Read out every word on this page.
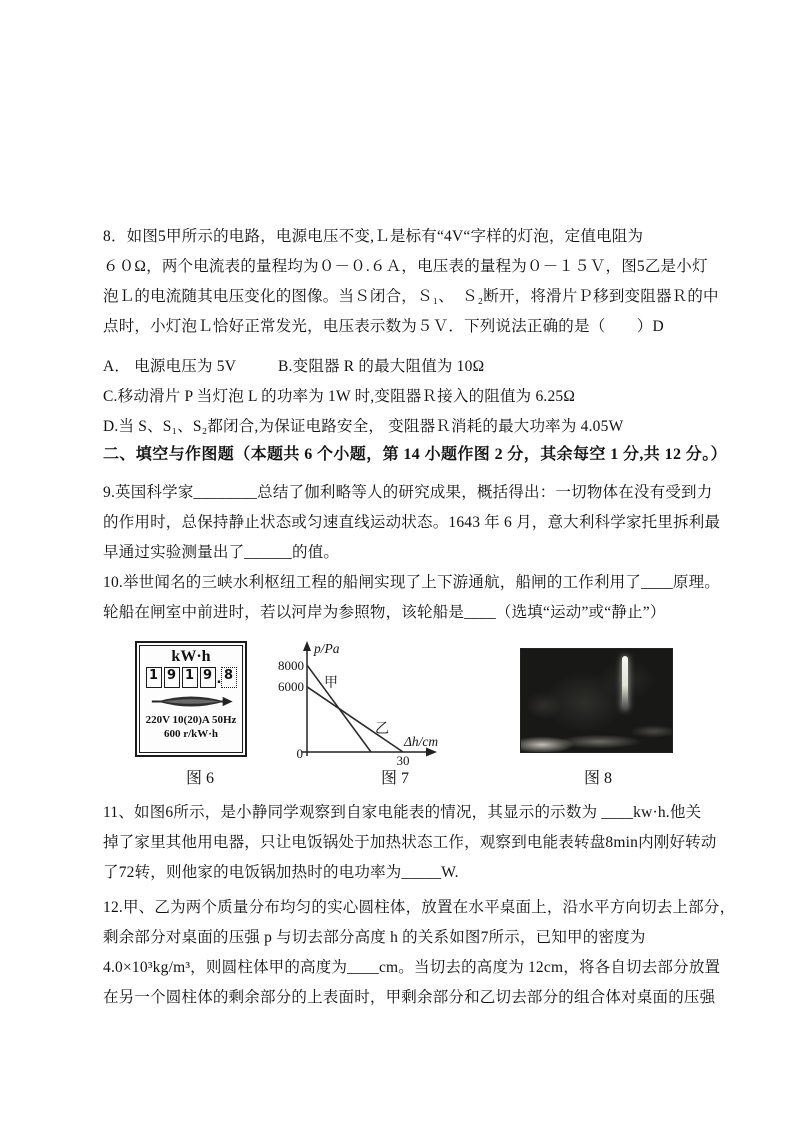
8．如图5甲所示的电路，电源电压不变,Ｌ是标有“4V“字样的灯泡，定值电阻为
６０Ω，两个电流表的量程均为０－０.６Ａ，电压表的量程为０－１５Ｖ，图5乙是小灯
泡Ｌ的电流随其电压变化的图像。当Ｓ闭合，Ｓ₁、　Ｓ₂断开，将滑片Ｐ移到变阻器Ｒ的中
点时，小灯泡Ｌ恰好正常发光，电压表示数为５Ｖ．下列说法正确的是（　　）D
A． 电源电压为 5V	B.变阻器 R 的最大阻值为 10Ω
C.移动滑片 P 当灯泡 L 的功率为 1W 时,变阻器Ｒ接入的阻值为 6.25Ω
D.当 S、S₁、S₂都闭合,为保证电路安全， 变阻器Ｒ消耗的最大功率为 4.05W
二、填空与作图题（本题共 6 个小题，第 14 小题作图 2 分，其余每空 1 分,共 12 分。）
9.英国科学家________总结了伽利略等人的研究成果，概括得出：一切物体在没有受到力
的作用时，总保持静止状态或匀速直线运动状态。1643 年 6 月，意大利科学家托里拆利最
早通过实验测量出了______的值。
10.举世闻名的三峡水利枢纽工程的船闸实现了上下游通航，船闸的工作利用了____原理。
轮船在闸室中前进时，若以河岸为参照物，该轮船是____（选填“运动”或“静止”）
kW·h
1 9 1 9 . 8
220V 10(20)A 50Hz
600 r/kW·h
p/Pa
8000
6000
0	30
Δh/cm
甲
乙
图 6	图 7	图 8
11、如图6所示，是小静同学观察到自家电能表的情况，其显示的示数为 ____kw·h.他关
掉了家里其他用电器，只让电饭锅处于加热状态工作，观察到电能表转盘8min内刚好转动
了72转，则他家的电饭锅加热时的电功率为_____W.
12.甲、乙为两个质量分布均匀的实心圆柱体，放置在水平桌面上，沿水平方向切去上部分，
剩余部分对桌面的压强 p 与切去部分高度 h 的关系如图7所示，已知甲的密度为
4.0×10³kg/m³，则圆柱体甲的高度为____cm。当切去的高度为 12cm，将各自切去部分放置
在另一个圆柱体的剩余部分的上表面时，甲剩余部分和乙切去部分的组合体对桌面的压强
